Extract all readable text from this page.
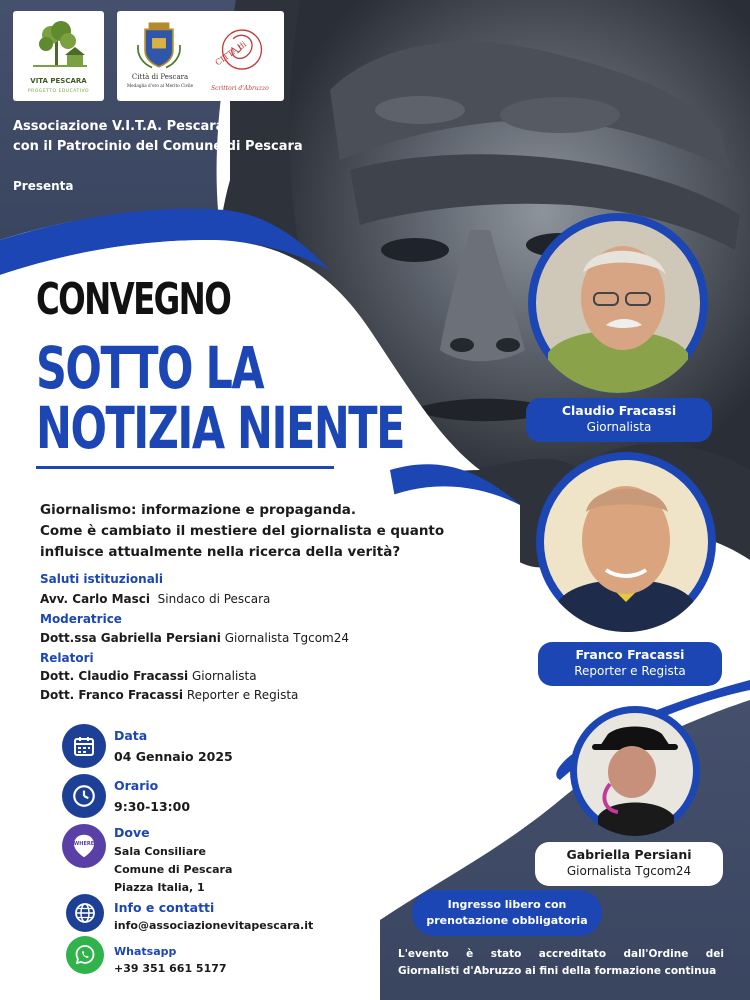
VITA PESCARA
PROGETTO EDUCATIVO
Città di Pescara
Medaglia d'oro al Merito Civile
CITTÀ di
Scrittori d'Abruzzo
Associazione V.I.T.A. Pescara
con il Patrocinio del Comune di Pescara
Presenta
CONVEGNO
SOTTO LA
NOTIZIA NIENTE
Giornalismo: informazione e propaganda.
Come è cambiato il mestiere del giornalista e quanto
influisce attualmente nella ricerca della verità?
Saluti istituzionali
Avv. Carlo Masci Sindaco di Pescara
Moderatrice
Dott.ssa Gabriella Persiani Giornalista Tgcom24
Relatori
Dott. Claudio Fracassi Giornalista
Dott. Franco Fracassi Reporter e Regista
Data
04 Gennaio 2025
Orario
9:30-13:00
WHERE
Dove
Sala Consiliare
Comune di Pescara
Piazza Italia, 1
Info e contatti
info@associazionevitapescara.it
Whatsapp
+39 351 661 5177
Claudio Fracassi
Giornalista
Franco Fracassi
Reporter e Regista
Gabriella Persiani
Giornalista Tgcom24
Ingresso libero con
prenotazione obbligatoria
L'evento è stato accreditato dall'Ordine dei
Giornalisti d'Abruzzo ai fini della formazione continua
